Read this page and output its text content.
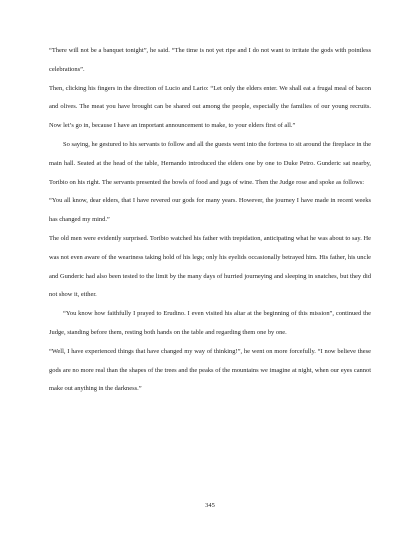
“There will not be a banquet tonight”, he said. “The time is not yet ripe and I do not want to irritate the gods with pointless celebrations”.

Then, clicking his fingers in the direction of Lucio and Lario: “Let only the elders enter. We shall eat a frugal meal of bacon and olives. The meat you have brought can be shared out among the people, especially the families of our young recruits. Now let’s go in, because I have an important announcement to make, to your elders first of all.”

So saying, he gestured to his servants to follow and all the guests went into the fortress to sit around the fireplace in the main hall. Seated at the head of the table, Hernando introduced the elders one by one to Duke Petro. Gunderic sat nearby, Toribio on his right. The servants presented the bowls of food and jugs of wine. Then the Judge rose and spoke as follows:

“You all know, dear elders, that I have revered our gods for many years. However, the journey I have made in recent weeks has changed my mind.”

The old men were evidently surprised. Toribio watched his father with trepidation, anticipating what he was about to say. He was not even aware of the weariness taking hold of his legs; only his eyelids occasionally betrayed him. His father, his uncle and Gunderic had also been tested to the limit by the many days of hurried journeying and sleeping in snatches, but they did not show it, either.

“You know how faithfully I prayed to Erudino. I even visited his altar at the beginning of this mission”, continued the Judge, standing before them, resting both hands on the table and regarding them one by one.

“Well, I have experienced things that have changed my way of thinking!”, he went on more forcefully. “I now believe these gods are no more real than the shapes of the trees and the peaks of the mountains we imagine at night, when our eyes cannot make out anything in the darkness.”

345
